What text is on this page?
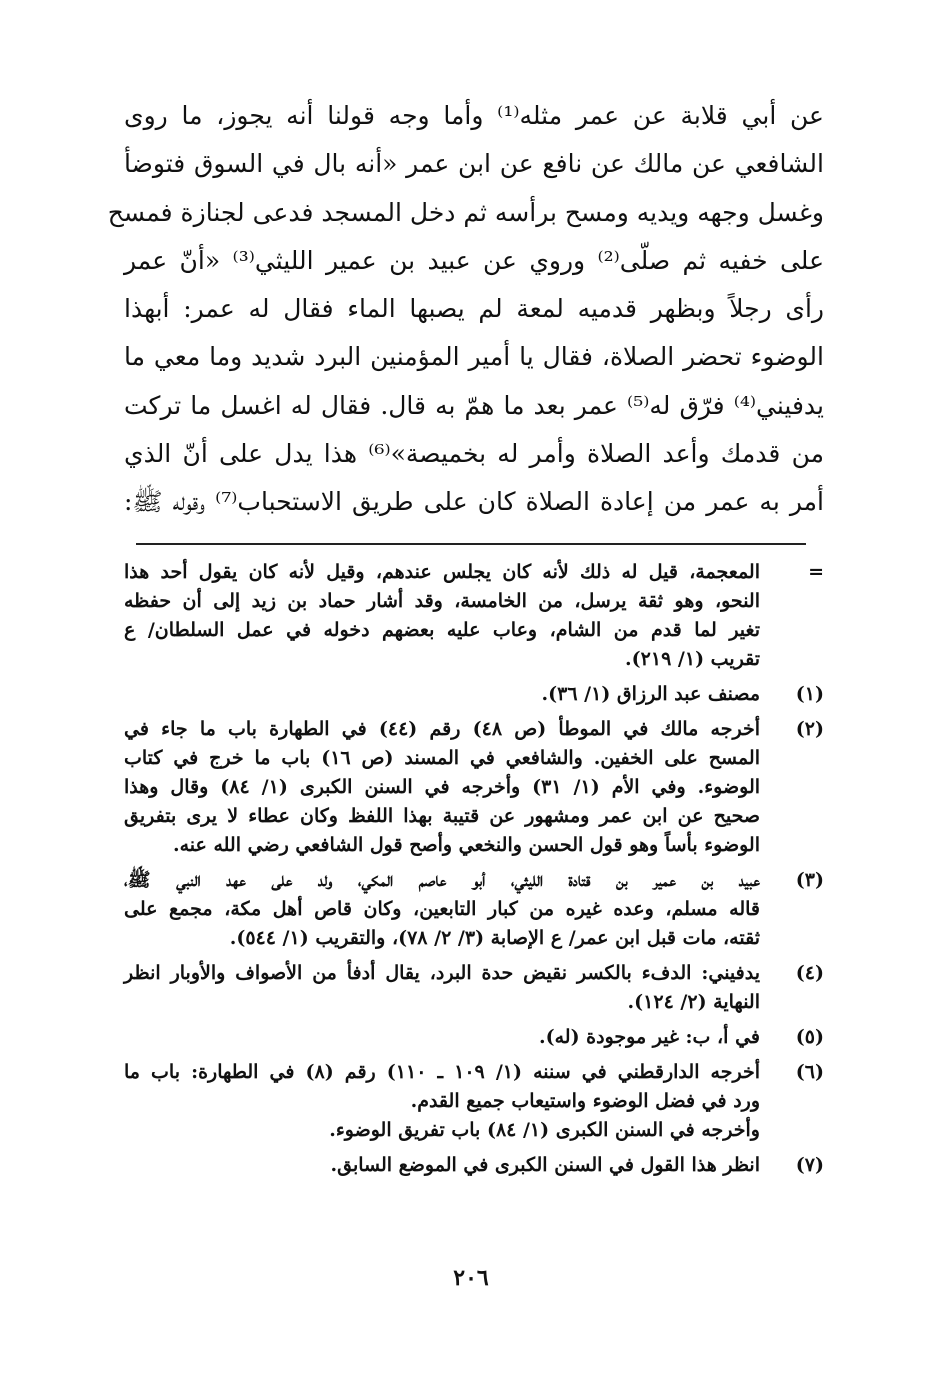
عن أبي قلابة عن عمر مثله⁽¹⁾ وأما وجه قولنا أنه يجوز، ما روى
الشافعي عن مالك عن نافع عن ابن عمر «أنه بال في السوق فتوضأ
وغسل وجهه ويديه ومسح برأسه ثم دخل المسجد فدعى لجنازة فمسح
على خفيه ثم صلّى⁽²⁾ وروي عن عبيد بن عمير الليثي⁽³⁾ «أنّ عمر
رأى رجلاً وبظهر قدميه لمعة لم يصبها الماء فقال له عمر: أبهذا
الوضوء تحضر الصلاة، فقال يا أمير المؤمنين البرد شديد وما معي ما
يدفيني⁽⁴⁾ فرّق له⁽⁵⁾ عمر بعد ما همّ به قال. فقال له اغسل ما تركت
من قدمك وأعد الصلاة وأمر له بخميصة»⁽⁶⁾ هذا يدل على أنّ الذي
أمر به عمر من إعادة الصلاة كان على طريق الاستحباب⁽⁷⁾ وقوله ﷺ:
=
المعجمة، قيل له ذلك لأنه كان يجلس عندهم، وقيل لأنه كان يقول أحد هذا
النحو، وهو ثقة يرسل، من الخامسة، وقد أشار حماد بن زيد إلى أن حفظه
تغير لما قدم من الشام، وعاب عليه بعضهم دخوله في عمل السلطان/ ع
تقريب (١/ ٢١٩).
(١)
مصنف عبد الرزاق (١/ ٣٦).
(٢)
أخرجه مالك في الموطأ (ص ٤٨) رقم (٤٤) في الطهارة باب ما جاء في
المسح على الخفين. والشافعي في المسند (ص ١٦) باب ما خرج في كتاب
الوضوء. وفي الأم (١/ ٣١) وأخرجه في السنن الكبرى (١/ ٨٤) وقال وهذا
صحيح عن ابن عمر ومشهور عن قتيبة بهذا اللفظ وكان عطاء لا يرى بتفريق
الوضوء بأساً وهو قول الحسن والنخعي وأصح قول الشافعي رضي الله عنه.
(٣)
عبيد بن عمير بن قتادة الليثي، أبو عاصم المكي، ولد على عهد النبي ﷺ،
قاله مسلم، وعده غيره من كبار التابعين، وكان قاص أهل مكة، مجمع على
ثقته، مات قبل ابن عمر/ ع الإصابة (٣/ ٢/ ٧٨)، والتقريب (١/ ٥٤٤).
(٤)
يدفيني: الدفء بالكسر نقيض حدة البرد، يقال أدفأ من الأصواف والأوبار انظر
النهاية (٢/ ١٢٤).
(٥)
في أ، ب: غير موجودة (له).
(٦)
أخرجه الدارقطني في سننه (١/ ١٠٩ ـ ١١٠) رقم (٨) في الطهارة: باب ما
ورد في فضل الوضوء واستيعاب جميع القدم.
وأخرجه في السنن الكبرى (١/ ٨٤) باب تفريق الوضوء.
(٧)
انظر هذا القول في السنن الكبرى في الموضع السابق.
٢٠٦
